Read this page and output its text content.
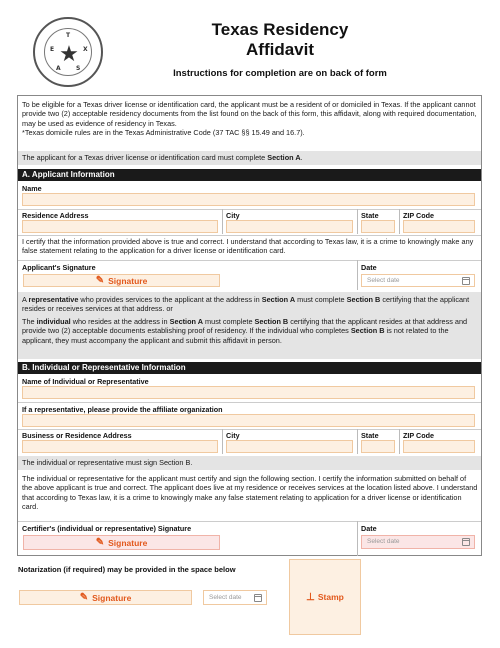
★
T
E	X
A	S
Texas Residency
Affidavit
Instructions for completion are on back of form
To be eligible for a Texas driver license or identification card, the applicant must be a resident of or domiciled in Texas. If the applicant cannot provide two (2) acceptable residency documents from the list found on the back of this form, this affidavit, along with required documentation, may be used as evidence of residency in Texas.
*Texas domicile rules are in the Texas Administrative Code (37 TAC §§ 15.49 and 16.7).
The applicant for a Texas driver license or identification card must complete Section A.
A. Applicant Information
Name
Residence Address	City	State	ZIP Code
I certify that the information provided above is true and correct. I understand that according to Texas law, it is a crime to knowingly make any false statement relating to the application for a driver license or identification card.
Applicant's Signature	Date
✎ Signature	Select date
A representative who provides services to the applicant at the address in Section A must complete Section B certifying that the applicant resides or receives services at that address. or
The individual who resides at the address in Section A must complete Section B certifying that the applicant resides at that address and provide two (2) acceptable documents establishing proof of residency. If the individual who completes Section B is not related to the applicant, they must accompany the applicant and submit this affidavit in person.
B. Individual or Representative Information
Name of Individual or Representative
If a representative, please provide the affiliate organization
Business or Residence Address	City	State	ZIP Code
The individual or representative must sign Section B.
The individual or representative for the applicant must certify and sign the following section. I certify the information submitted on behalf of the above applicant is true and correct. The applicant does live at my residence or receives services at the location listed above. I understand that according to Texas law, it is a crime to knowingly make any false statement relating to application for a driver license or identification card.
Certifier's (individual or representative) Signature	Date
✎ Signature	Select date
Notarization (if required) may be provided in the space below
✎ Signature	Select date	⊥ Stamp
